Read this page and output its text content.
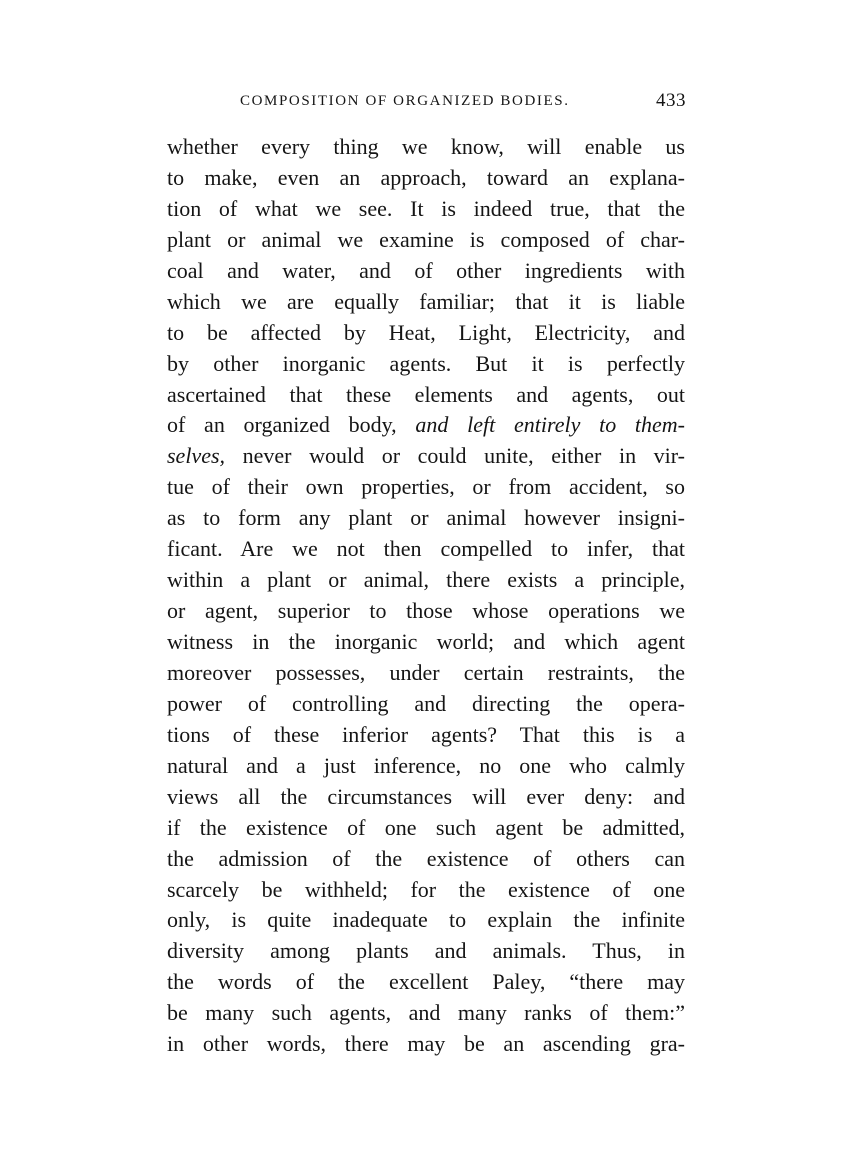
COMPOSITION OF ORGANIZED BODIES.	433
whether every thing we know, will enable us
to make, even an approach, toward an explana-
tion of what we see. It is indeed true, that the
plant or animal we examine is composed of char-
coal and water, and of other ingredients with
which we are equally familiar; that it is liable
to be affected by Heat, Light, Electricity, and
by other inorganic agents. But it is perfectly
ascertained that these elements and agents, out
of an organized body, and left entirely to them-
selves, never would or could unite, either in vir-
tue of their own properties, or from accident, so
as to form any plant or animal however insigni-
ficant. Are we not then compelled to infer, that
within a plant or animal, there exists a principle,
or agent, superior to those whose operations we
witness in the inorganic world; and which agent
moreover possesses, under certain restraints, the
power of controlling and directing the opera-
tions of these inferior agents? That this is a
natural and a just inference, no one who calmly
views all the circumstances will ever deny: and
if the existence of one such agent be admitted,
the admission of the existence of others can
scarcely be withheld; for the existence of one
only, is quite inadequate to explain the infinite
diversity among plants and animals. Thus, in
the words of the excellent Paley, “there may
be many such agents, and many ranks of them:”
in other words, there may be an ascending gra-
